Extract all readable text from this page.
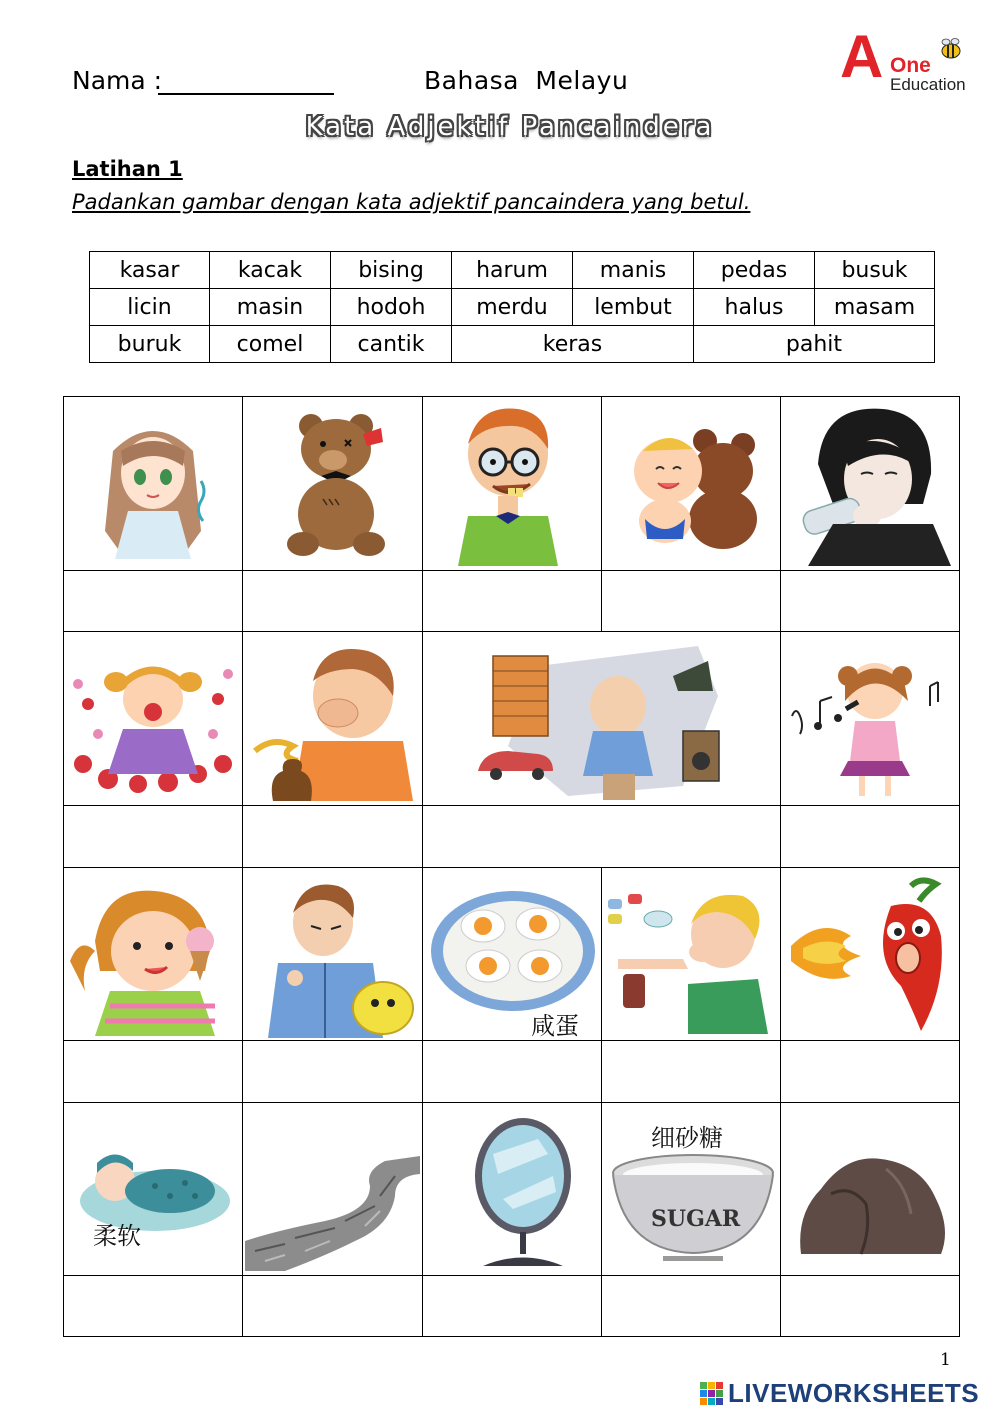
Nama :	Bahasa Melayu	A One
Education
Kata Adjektif Pancaindera
Latihan 1
Padankan gambar dengan kata adjektif pancaindera yang betul.
kasar	kacak	bising	harum	manis	pedas	busuk
licin	masin	hodoh	merdu	lembut	halus	masam
buruk	comel	cantik	keras		pahit	
咸蛋
柔软
细砂糖
SUGAR
1
LIVEWORKSHEETS
